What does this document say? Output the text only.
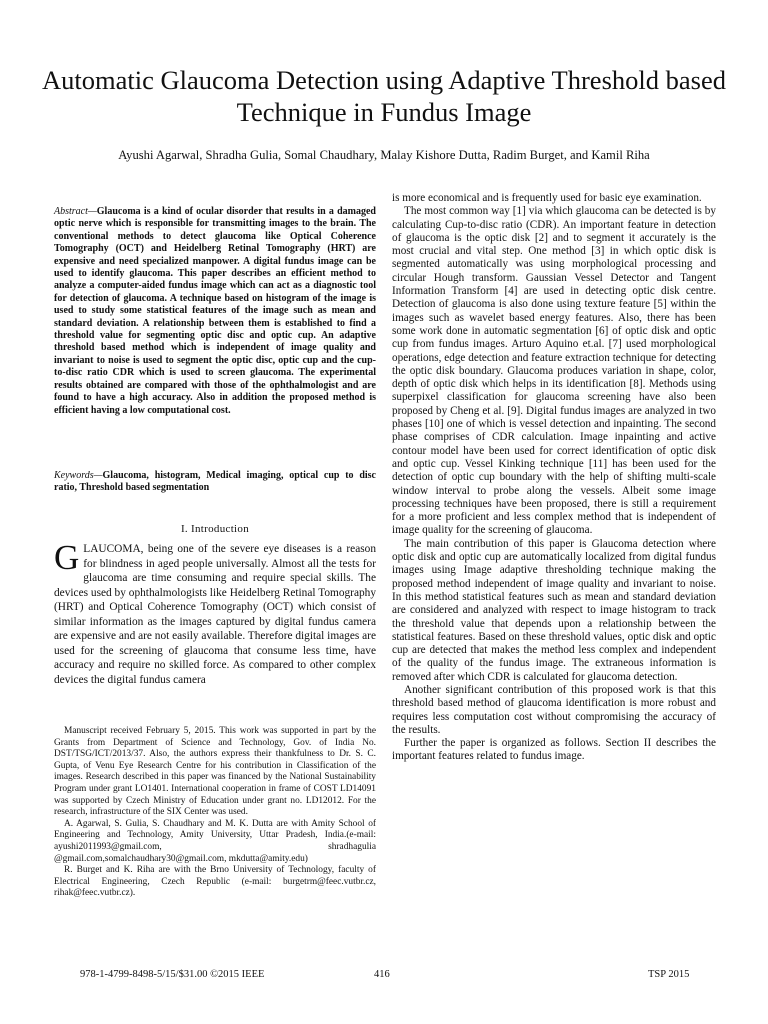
Automatic Glaucoma Detection using Adaptive Threshold based Technique in Fundus Image
Ayushi Agarwal, Shradha Gulia, Somal Chaudhary, Malay Kishore Dutta, Radim Burget, and Kamil Riha
Abstract—Glaucoma is a kind of ocular disorder that results in a damaged optic nerve which is responsible for transmitting images to the brain. The conventional methods to detect glaucoma like Optical Coherence Tomography (OCT) and Heidelberg Retinal Tomography (HRT) are expensive and need specialized manpower. A digital fundus image can be used to identify glaucoma. This paper describes an efficient method to analyze a computer-aided fundus image which can act as a diagnostic tool for detection of glaucoma. A technique based on histogram of the image is used to study some statistical features of the image such as mean and standard deviation. A relationship between them is established to find a threshold value for segmenting optic disc and optic cup. An adaptive threshold based method which is independent of image quality and invariant to noise is used to segment the optic disc, optic cup and the cup-to-disc ratio CDR which is used to screen glaucoma. The experimental results obtained are compared with those of the ophthalmologist and are found to have a high accuracy. Also in addition the proposed method is efficient having a low computational cost.
Keywords—Glaucoma, histogram, Medical imaging, optical cup to disc ratio, Threshold based segmentation
I. Introduction
GLAUCOMA, being one of the severe eye diseases is a reason for blindness in aged people universally. Almost all the tests for glaucoma are time consuming and require special skills. The devices used by ophthalmologists like Heidelberg Retinal Tomography (HRT) and Optical Coherence Tomography (OCT) which consist of similar information as the images captured by digital fundus camera are expensive and are not easily available. Therefore digital images are used for the screening of glaucoma that consume less time, have accuracy and require no skilled force. As compared to other complex devices the digital fundus camera

Manuscript received February 5, 2015. This work was supported in part by the Grants from Department of Science and Technology, Gov. of India No. DST/TSG/ICT/2013/37. Also, the authors express their thankfulness to Dr. S. C. Gupta, of Venu Eye Research Centre for his contribution in Classification of the images. Research described in this paper was financed by the National Sustainability Program under grant LO1401. International cooperation in frame of COST LD14091 was supported by Czech Ministry of Education under grant no. LD12012. For the research, infrastructure of the SIX Center was used.

A. Agarwal, S. Gulia, S. Chaudhary and M. K. Dutta are with Amity School of Engineering and Technology, Amity University, Uttar Pradesh, India.(e-mail: ayushi2011993@gmail.com, shradhagulia @gmail.com,somalchaudhary30@gmail.com, mkdutta@amity.edu)

R. Burget and K. Riha are with the Brno University of Technology, faculty of Electrical Engineering, Czech Republic (e-mail: burgetrm@feec.vutbr.cz, rihak@feec.vutbr.cz).

is more economical and is frequently used for basic eye examination.

The most common way [1] via which glaucoma can be detected is by calculating Cup-to-disc ratio (CDR). An important feature in detection of glaucoma is the optic disk [2] and to segment it accurately is the most crucial and vital step. One method [3] in which optic disk is segmented automatically was using morphological processing and circular Hough transform. Gaussian Vessel Detector and Tangent Information Transform [4] are used in detecting optic disk centre. Detection of glaucoma is also done using texture feature [5] within the images such as wavelet based energy features. Also, there has been some work done in automatic segmentation [6] of optic disk and optic cup from fundus images. Arturo Aquino et.al. [7] used morphological operations, edge detection and feature extraction technique for detecting the optic disk boundary. Glaucoma produces variation in shape, color, depth of optic disk which helps in its identification [8]. Methods using superpixel classification for glaucoma screening have also been proposed by Cheng et al. [9]. Digital fundus images are analyzed in two phases [10] one of which is vessel detection and inpainting. The second phase comprises of CDR calculation. Image inpainting and active contour model have been used for correct identification of optic disk and optic cup. Vessel Kinking technique [11] has been used for the detection of optic cup boundary with the help of shifting multi-scale window interval to probe along the vessels. Albeit some image processing techniques have been proposed, there is still a requirement for a more proficient and less complex method that is independent of image quality for the screening of glaucoma.

The main contribution of this paper is Glaucoma detection where optic disk and optic cup are automatically localized from digital fundus images using Image adaptive thresholding technique making the proposed method independent of image quality and invariant to noise. In this method statistical features such as mean and standard deviation are considered and analyzed with respect to image histogram to track the threshold value that depends upon a relationship between the statistical features. Based on these threshold values, optic disk and optic cup are detected that makes the method less complex and independent of the quality of the fundus image. The extraneous information is removed after which CDR is calculated for glaucoma detection.

Another significant contribution of this proposed work is that this threshold based method of glaucoma identification is more robust and requires less computation cost without compromising the accuracy of the results.

Further the paper is organized as follows. Section II describes the important features related to fundus image.

978-1-4799-8498-5/15/$31.00 ©2015 IEEE	416	TSP 2015
